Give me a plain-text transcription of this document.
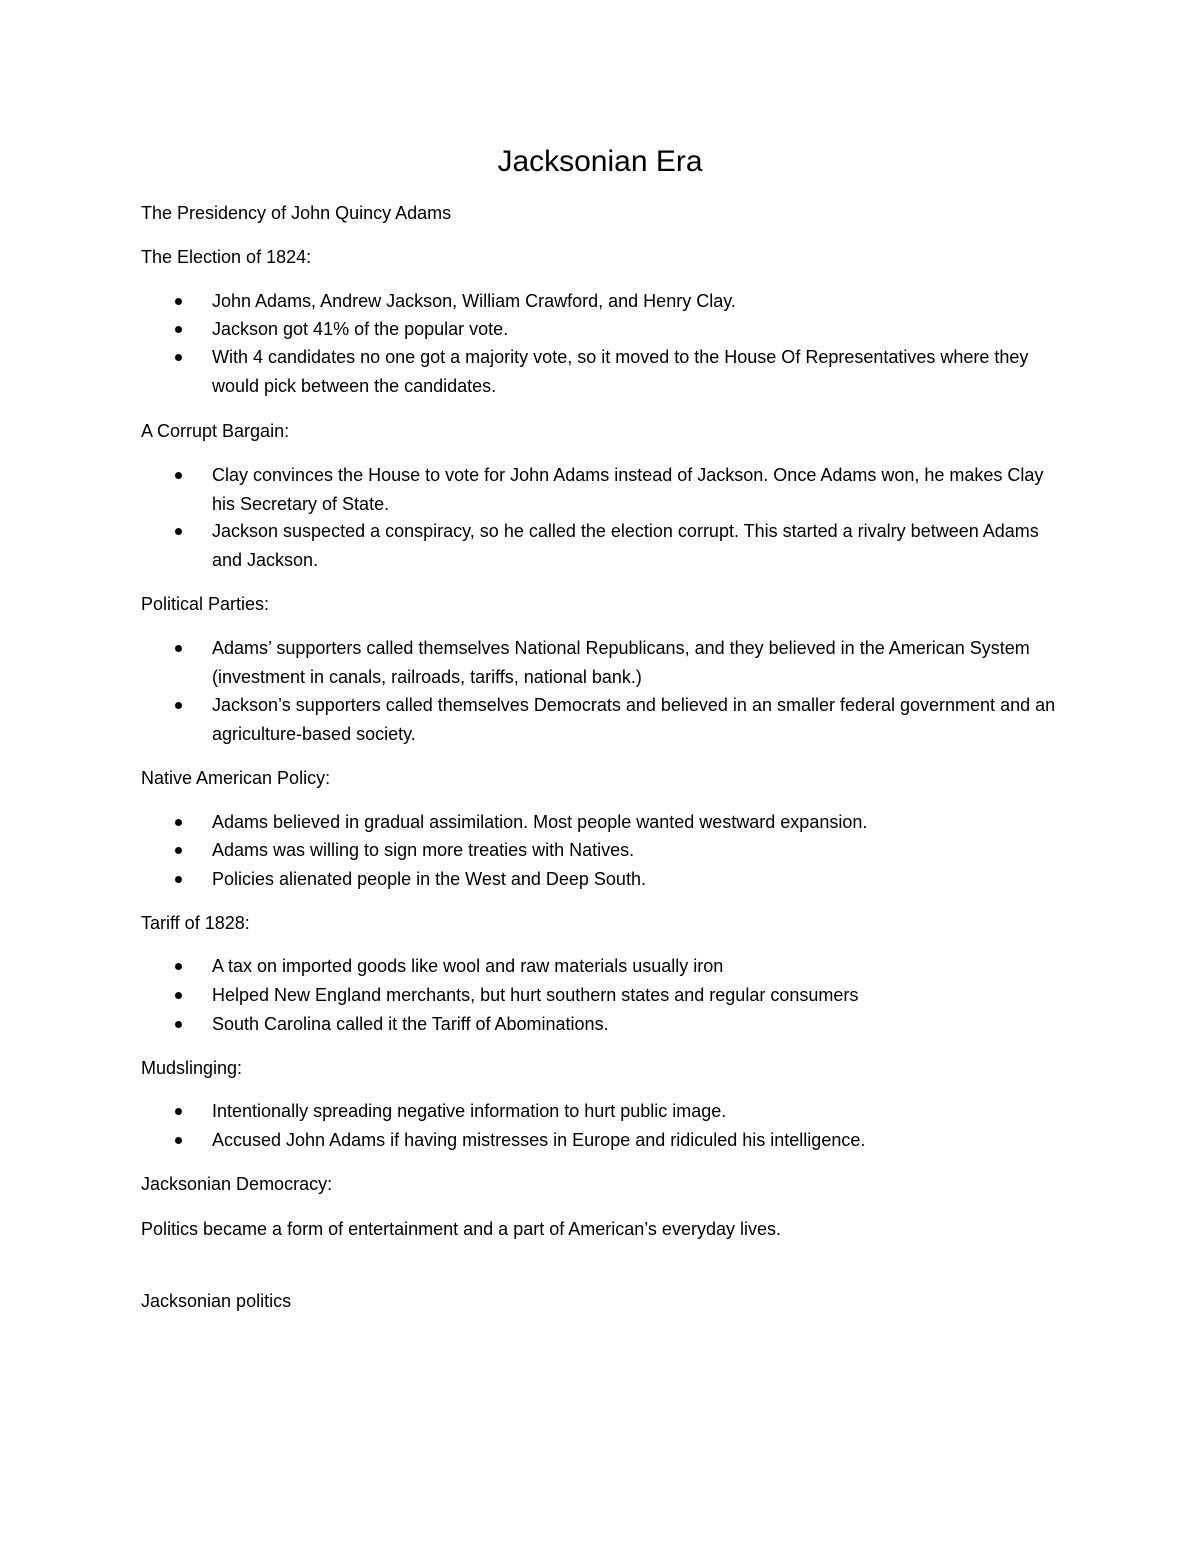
Jacksonian Era

The Presidency of John Quincy Adams

The Election of 1824:

John Adams, Andrew Jackson, William Crawford, and Henry Clay.
Jackson got 41% of the popular vote.
With 4 candidates no one got a majority vote, so it moved to the House Of Representatives where they would pick between the candidates.

A Corrupt Bargain:

Clay convinces the House to vote for John Adams instead of Jackson. Once Adams won, he makes Clay his Secretary of State.
Jackson suspected a conspiracy, so he called the election corrupt. This started a rivalry between Adams and Jackson.

Political Parties:

Adams’ supporters called themselves National Republicans, and they believed in the American System (investment in canals, railroads, tariffs, national bank.)
Jackson’s supporters called themselves Democrats and believed in an smaller federal government and an agriculture-based society.

Native American Policy:

Adams believed in gradual assimilation. Most people wanted westward expansion.
Adams was willing to sign more treaties with Natives.
Policies alienated people in the West and Deep South.

Tariff of 1828:

A tax on imported goods like wool and raw materials usually iron
Helped New England merchants, but hurt southern states and regular consumers
South Carolina called it the Tariff of Abominations.

Mudslinging:

Intentionally spreading negative information to hurt public image.
Accused John Adams if having mistresses in Europe and ridiculed his intelligence.

Jacksonian Democracy:

Politics became a form of entertainment and a part of American’s everyday lives.

Jacksonian politics
